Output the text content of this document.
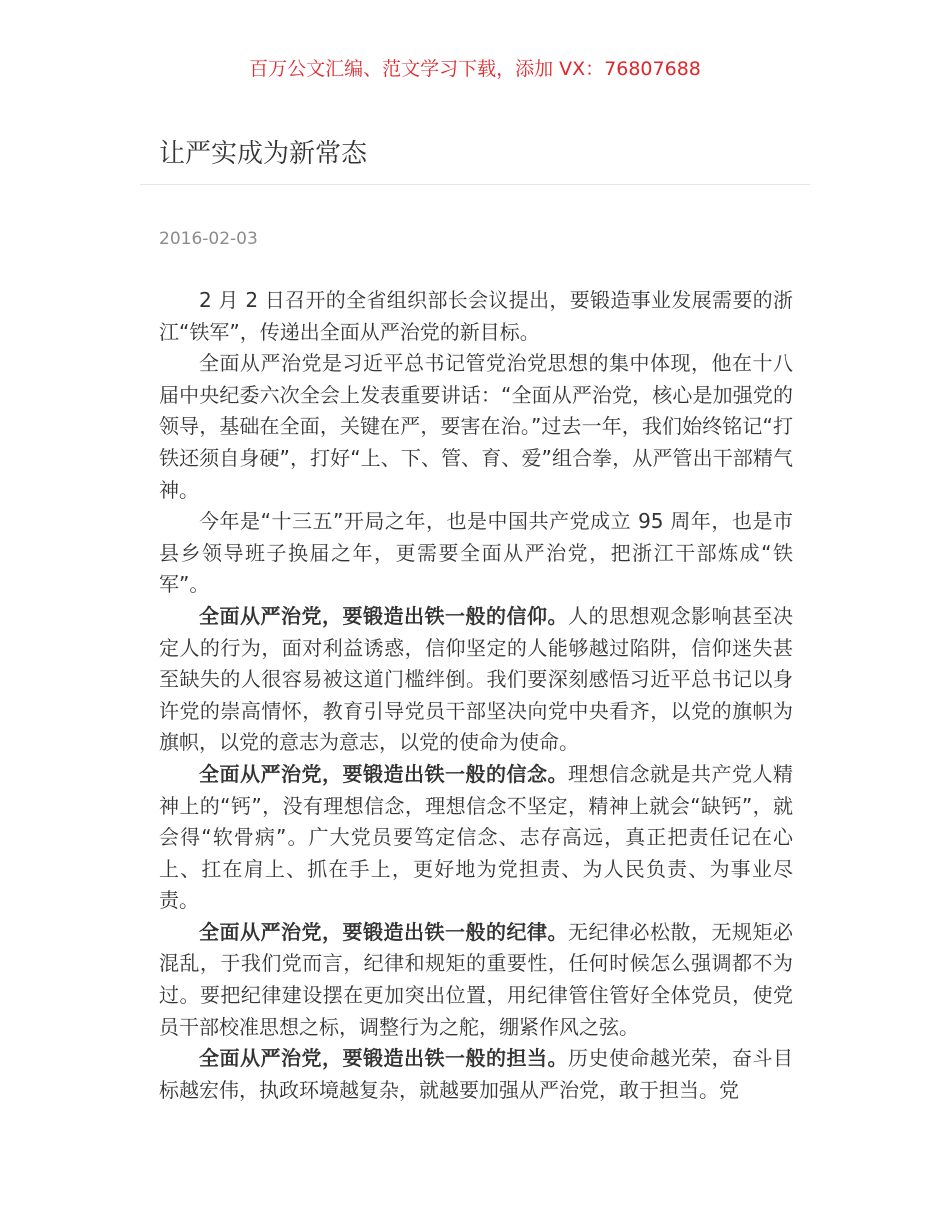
百万公文汇编、范文学习下载，添加 VX：76807688
让严实成为新常态
2016-02-03

2 月 2 日召开的全省组织部长会议提出，要锻造事业发展需要的浙江“铁军”，传递出全面从严治党的新目标。

全面从严治党是习近平总书记管党治党思想的集中体现，他在十八届中央纪委六次全会上发表重要讲话：“全面从严治党，核心是加强党的领导，基础在全面，关键在严，要害在治。”过去一年，我们始终铭记“打铁还须自身硬”，打好“上、下、管、育、爱”组合拳，从严管出干部精气神。

今年是“十三五”开局之年，也是中国共产党成立 95 周年，也是市县乡领导班子换届之年，更需要全面从严治党，把浙江干部炼成“铁军”。

全面从严治党，要锻造出铁一般的信仰。人的思想观念影响甚至决定人的行为，面对利益诱惑，信仰坚定的人能够越过陷阱，信仰迷失甚至缺失的人很容易被这道门槛绊倒。我们要深刻感悟习近平总书记以身许党的崇高情怀，教育引导党员干部坚决向党中央看齐，以党的旗帜为旗帜，以党的意志为意志，以党的使命为使命。

全面从严治党，要锻造出铁一般的信念。理想信念就是共产党人精神上的“钙”，没有理想信念，理想信念不坚定，精神上就会“缺钙”，就会得“软骨病”。广大党员要笃定信念、志存高远，真正把责任记在心上、扛在肩上、抓在手上，更好地为党担责、为人民负责、为事业尽责。

全面从严治党，要锻造出铁一般的纪律。无纪律必松散，无规矩必混乱，于我们党而言，纪律和规矩的重要性，任何时候怎么强调都不为过。要把纪律建设摆在更加突出位置，用纪律管住管好全体党员，使党员干部校准思想之标，调整行为之舵，绷紧作风之弦。

全面从严治党，要锻造出铁一般的担当。历史使命越光荣，奋斗目标越宏伟，执政环境越复杂，就越要加强从严治党，敢于担当。党
